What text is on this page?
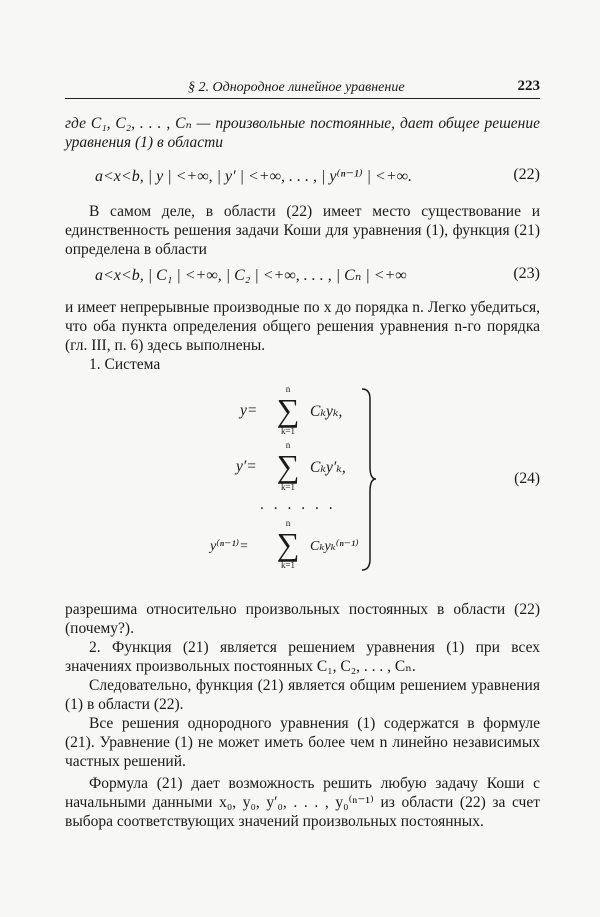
§ 2. Однородное линейное уравнение	223

где C₁, C₂, . . . , Cₙ — произвольные постоянные, дает общее решение уравнения (1) в области

a<x<b, | y | <+∞, | y′ | <+∞, . . . , | y⁽ⁿ⁻¹⁾ | <+∞.	(22)

В самом деле, в области (22) имеет место существование и единственность решения задачи Коши для уравнения (1), функция (21) определена в области

a<x<b, | C₁ | <+∞, | C₂ | <+∞, . . . , | Cₙ | <+∞	(23)

и имеет непрерывные производные по x до порядка n. Легко убедиться, что оба пункта определения общего решения уравнения n-го порядка (гл. III, п. 6) здесь выполнены.

1. Система

y=
n
∑
k=1
Cₖyₖ,
y′=
n
∑
k=1
Cₖy′ₖ,
. . . . . .
y⁽ⁿ⁻¹⁾=
n
∑
k=1
Cₖyₖ⁽ⁿ⁻¹⁾
(24)

разрешима относительно произвольных постоянных в области (22) (почему?).

2. Функция (21) является решением уравнения (1) при всех значениях произвольных постоянных C₁, C₂, . . . , Cₙ.

Следовательно, функция (21) является общим решением уравнения (1) в области (22).

Все решения однородного уравнения (1) содержатся в формуле (21). Уравнение (1) не может иметь более чем n линейно независимых частных решений.

Формула (21) дает возможность решить любую задачу Коши с начальными данными x₀, y₀, y′₀, . . . , y₀⁽ⁿ⁻¹⁾ из области (22) за счет выбора соответствующих значений произвольных постоянных.
